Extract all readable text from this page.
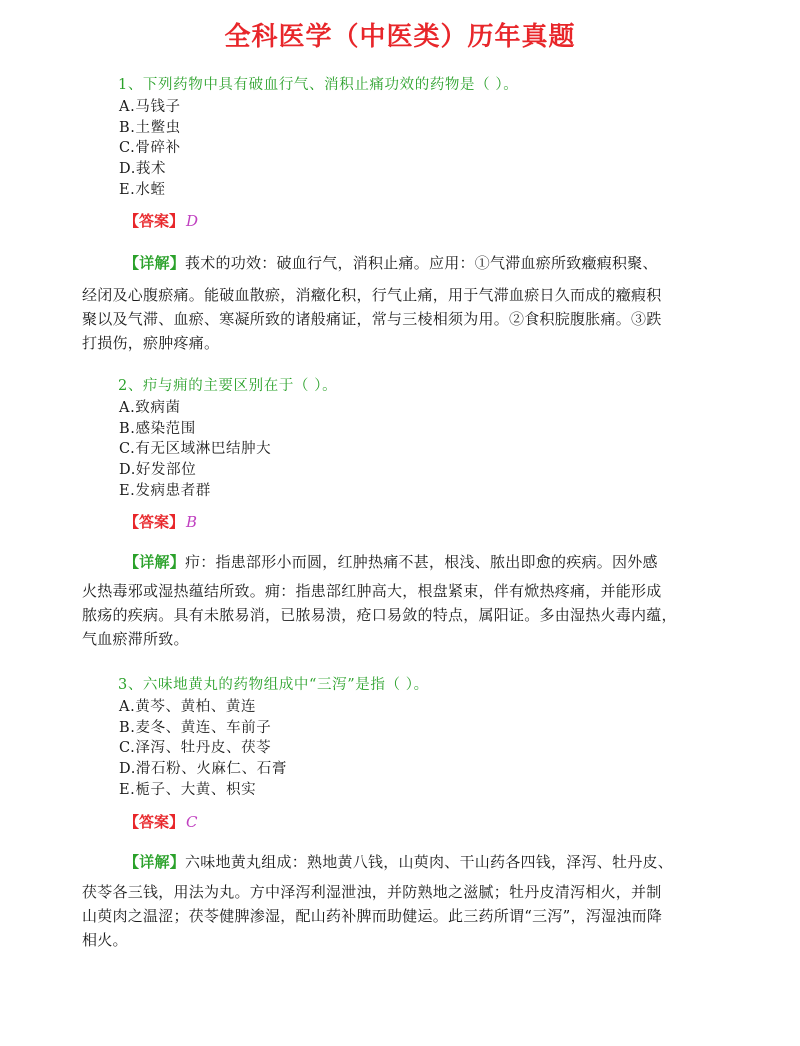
全科医学（中医类）历年真题
1、下列药物中具有破血行气、消积止痛功效的药物是（ ）。
A.马钱子
B.土鳖虫
C.骨碎补
D.莪术
E.水蛭
【答案】 D
【详解】莪术的功效：破血行气，消积止痛。应用：①气滞血瘀所致癥瘕积聚、
经闭及心腹瘀痛。能破血散瘀，消癥化积，行气止痛，用于气滞血瘀日久而成的癥瘕积
聚以及气滞、血瘀、寒凝所致的诸般痛证，常与三棱相须为用。②食积脘腹胀痛。③跌
打损伤，瘀肿疼痛。
2、疖与痈的主要区别在于（ ）。
A.致病菌
B.感染范围
C.有无区域淋巴结肿大
D.好发部位
E.发病患者群
【答案】 B
【详解】疖：指患部形小而圆，红肿热痛不甚，根浅、脓出即愈的疾病。因外感
火热毒邪或湿热蕴结所致。痈：指患部红肿高大，根盘紧束，伴有焮热疼痛，并能形成
脓疡的疾病。具有未脓易消，已脓易溃，疮口易敛的特点，属阳证。多由湿热火毒内蕴，
气血瘀滞所致。
3、六味地黄丸的药物组成中“三泻”是指（ ）。
A.黄芩、黄柏、黄连
B.麦冬、黄连、车前子
C.泽泻、牡丹皮、茯苓
D.滑石粉、火麻仁、石膏
E.栀子、大黄、枳实
【答案】 C
【详解】六味地黄丸组成：熟地黄八钱，山萸肉、干山药各四钱，泽泻、牡丹皮、
茯苓各三钱，用法为丸。方中泽泻利湿泄浊，并防熟地之滋腻；牡丹皮清泻相火，并制
山萸肉之温涩；茯苓健脾渗湿，配山药补脾而助健运。此三药所谓“三泻”，泻湿浊而降
相火。
